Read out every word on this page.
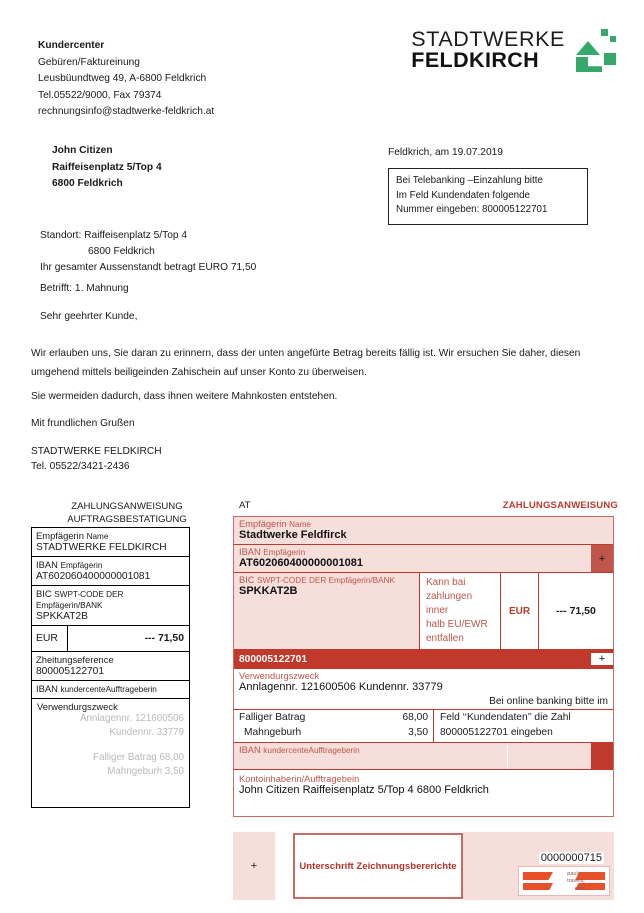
Kundercenter
Gebüren/Faktureinung
Leusbüundtweg 49, A-6800 Feldkrich
Tel.05522/9000, Fax 79374
rechnungsinfo@stadtwerke-feldkrich.at
STADTWERKE
FELDKIRCH
John Citizen
Raiffeisenplatz 5/Top 4
6800 Feldkrich
Feldkrich, am 19.07.2019
Bei Telebanking –Einzahlung bitte
Im Feld Kundendaten folgende
Nummer eingeben: 800005122701
Standort: Raiffeisenplatz 5/Top 4
6800 Feldkrich
Ihr gesamter Aussenstandt betragt EURO 71,50
Betrifft: 1. Mahnung
Sehr geehrter Kunde,
Wir erlauben uns, Sie daran zu erinnern, dass der unten angefürte Betrag bereits fällig ist. Wir ersuchen Sie daher, diesen umgehend mittels beiligeinden Zahischein auf unser Konto zu überweisen.
Sie wermeiden dadurch, dass ihnen weitere Mahnkosten entstehen.
Mit frundlichen Grußen
STADTWERKE FELDKIRCH
Tel. 05522/3421-2436
ZAHLUNGSANWEISUNG
AUFTRAGSBESTATIGUNG
AT	ZAHLUNGSANWEISUNG
Empfägerin Name
STADTWERKE FELDKIRCH
IBAN Empfägerin
AT602060400000001081
BIC SWPT-CODE DER Empfägerin/BANK
SPKKAT2B
EUR	--- 71,50
Zheitungseference
800005122701
IBAN kundercenteAufftrageberin
Verwendurgszweck
Annlagennr. 121600506
Kundennr. 33779
Falliger Batrag 68,00
Mahngeburh 3,50
Empfägerin Name
Stadtwerke Feldfirck
IBAN Empfägerin
AT602060400000001081	+
BIC SWPT-CODE DER Empfägerin/BANK
SPKKAT2B
Kann bai zahlungen inner
halb EU/EWR entfallen
EUR	--- 71,50
800005122701	+
Verwendurgszweck
Annlagennr. 121600506 Kundennr. 33779
Bei online banking bitte im
Falliger Batrag	68,00
Mahngeburh	3,50
Feld ‘‘Kundendaten’’ die Zahl
800005122701 eingeben
IBAN kundercenteAufftrageberin
Kontoinhaberin/Aufftragebein
John Citizen Raiffeisenplatz 5/Top 4 6800 Feldkrich
+	Unterschrift Zeichnungsbererichte
0000000715
paulo
travels.
com
